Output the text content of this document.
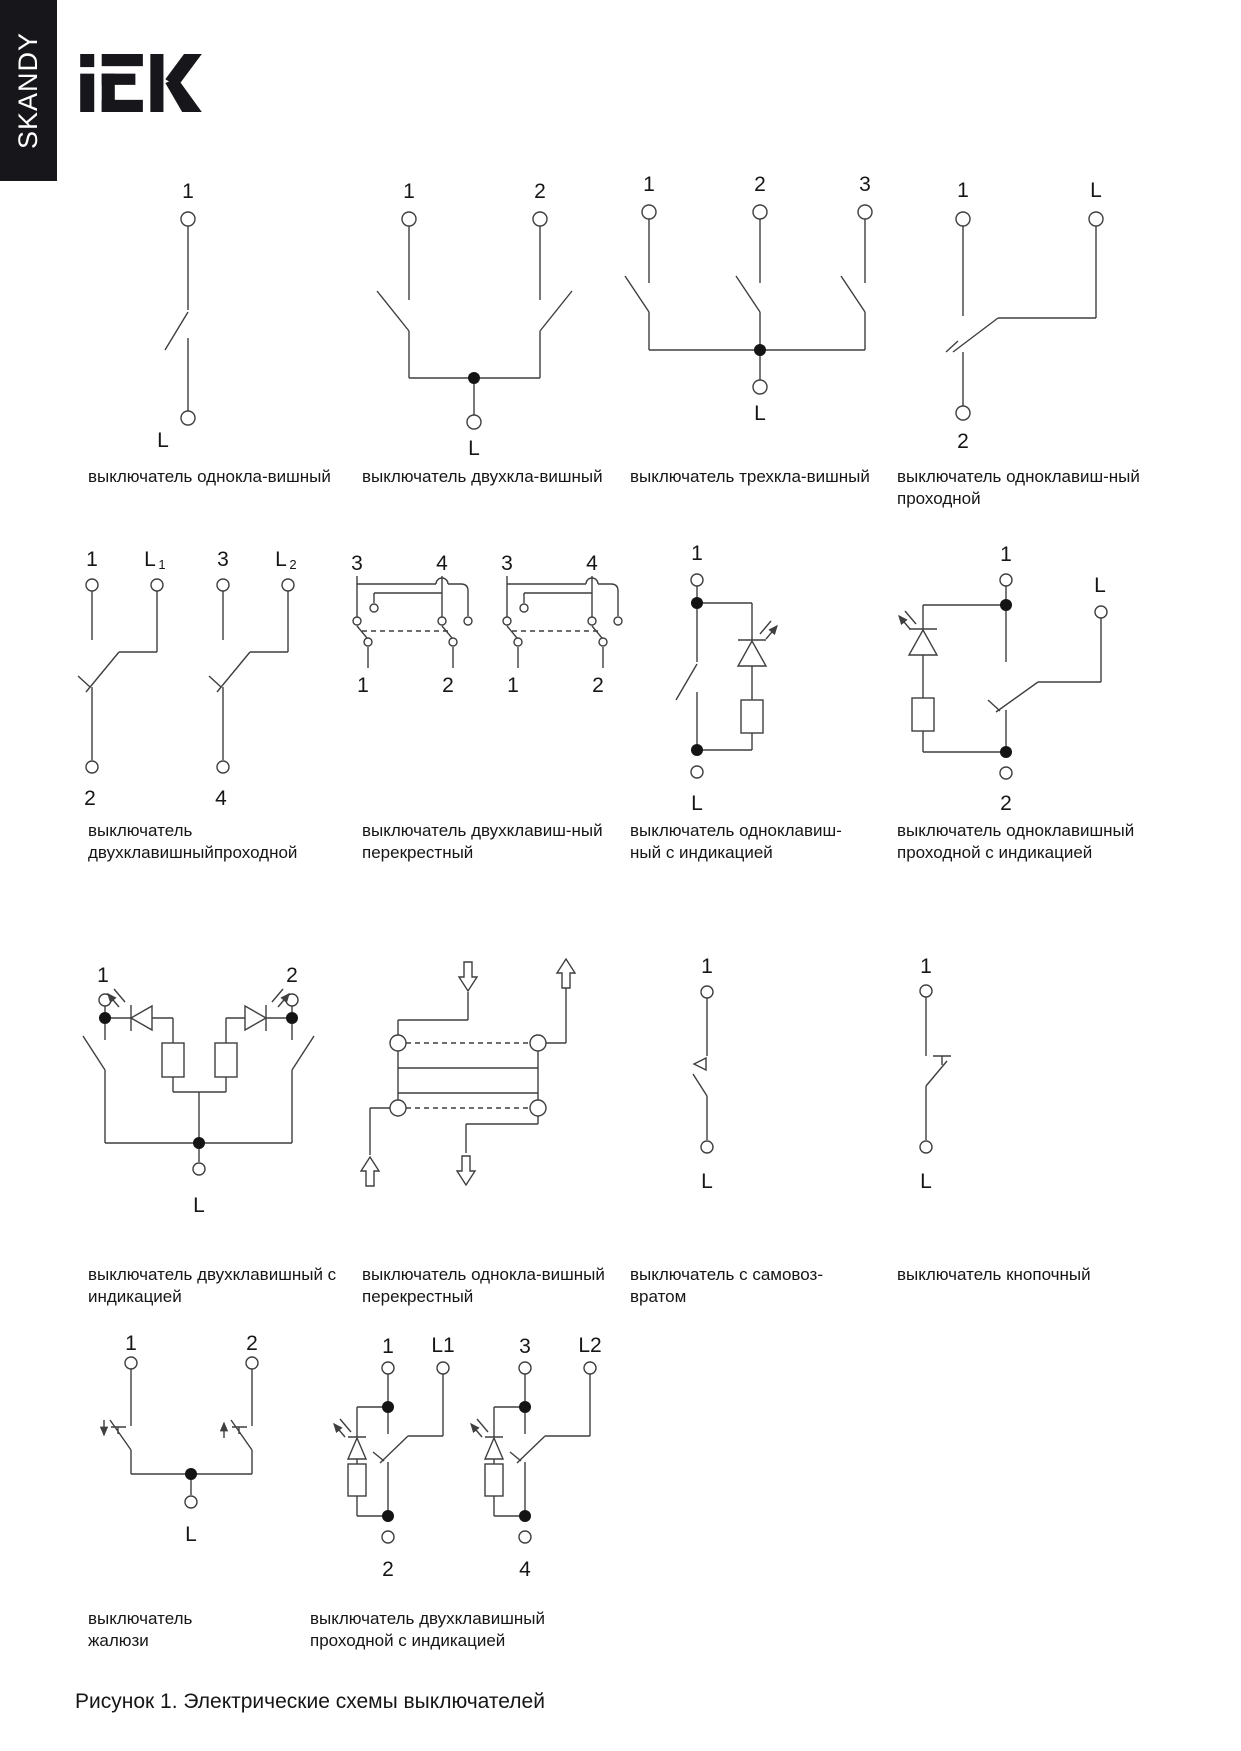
SKANDY
1
L
1	2
L
1	2	3
L
1	L
2
1 L 1 3 L 2
2	4
3	4
1	2
3	4
1	2
1
L
1
L
2
1	2
L
1
L
1
L
1	2
L
1 L1
2
3 L2
4
выключатель однокла-вишный	выключатель двухкла-вишный	выключатель трехкла-вишный	выключатель одноклавиш-ный
проходной
выключатель
двухклавишныйпроходной
выключатель двухклавиш-ный
перекрестный
выключатель одноклавиш-
ный с индикацией
выключатель одноклавишный
проходной с индикацией
выключатель двухклавишный с
индикацией
выключатель однокла-вишный
перекрестный
выключатель с самовоз-
вратом
выключатель кнопочный
выключатель
жалюзи
выключатель двухклавишный
проходной с индикацией
Рисунок 1. Электрические схемы выключателей
